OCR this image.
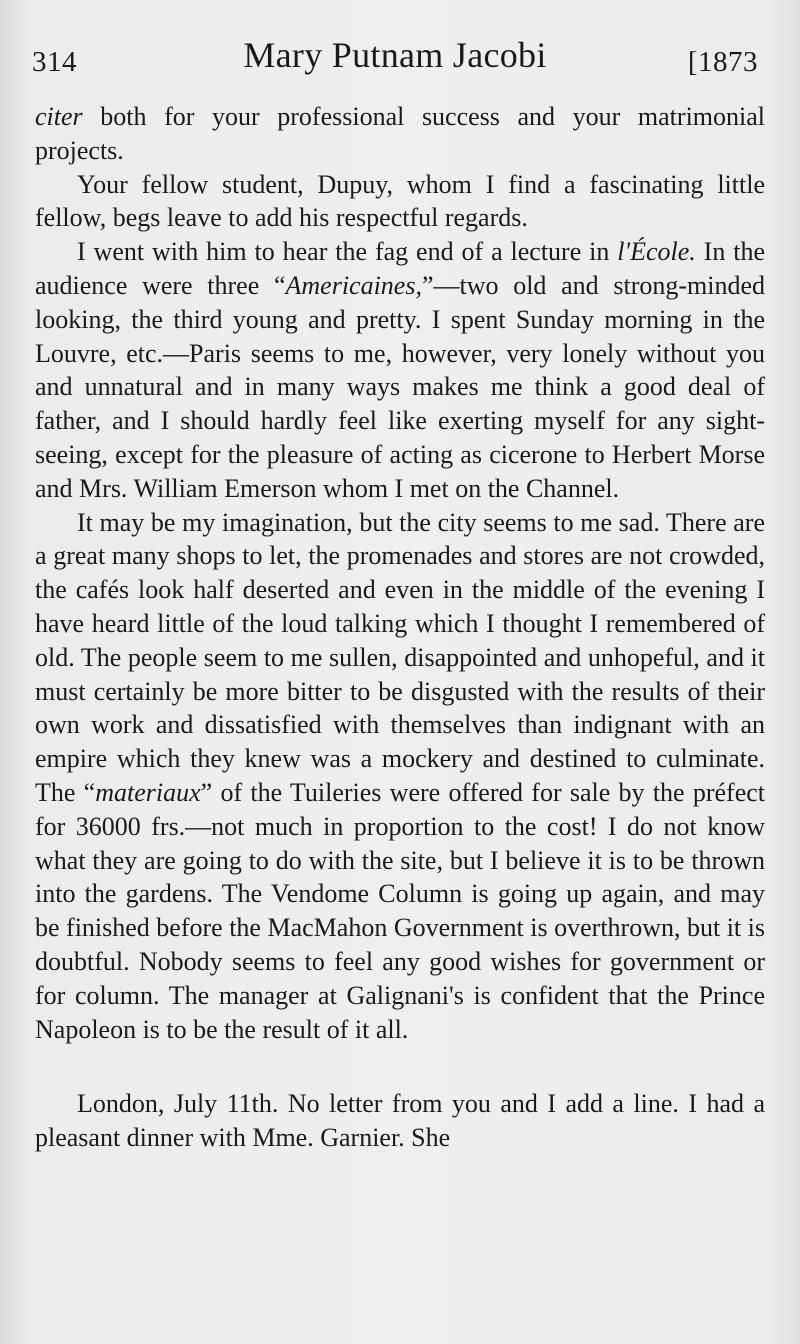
314	Mary Putnam Jacobi	[1873

citer both for your professional success and your matrimonial projects.

Your fellow student, Dupuy, whom I find a fascinating little fellow, begs leave to add his respectful regards.

I went with him to hear the fag end of a lecture in l'École. In the audience were three “Americaines,”—two old and strong-minded looking, the third young and pretty. I spent Sunday morning in the Louvre, etc.—Paris seems to me, however, very lonely without you and unnatural and in many ways makes me think a good deal of father, and I should hardly feel like exerting myself for any sight-seeing, except for the pleasure of acting as cicerone to Herbert Morse and Mrs. William Emerson whom I met on the Channel.

It may be my imagination, but the city seems to me sad. There are a great many shops to let, the promenades and stores are not crowded, the cafés look half deserted and even in the middle of the evening I have heard little of the loud talking which I thought I remembered of old. The people seem to me sullen, disappointed and unhopeful, and it must certainly be more bitter to be disgusted with the results of their own work and dissatisfied with themselves than indignant with an empire which they knew was a mockery and destined to culminate. The “materiaux” of the Tuileries were offered for sale by the préfect for 36000 frs.—not much in proportion to the cost! I do not know what they are going to do with the site, but I believe it is to be thrown into the gardens. The Vendome Column is going up again, and may be finished before the MacMahon Government is overthrown, but it is doubtful. Nobody seems to feel any good wishes for government or for column. The manager at Galignani's is confident that the Prince Napoleon is to be the result of it all.

London, July 11th. No letter from you and I add a line. I had a pleasant dinner with Mme. Garnier. She
